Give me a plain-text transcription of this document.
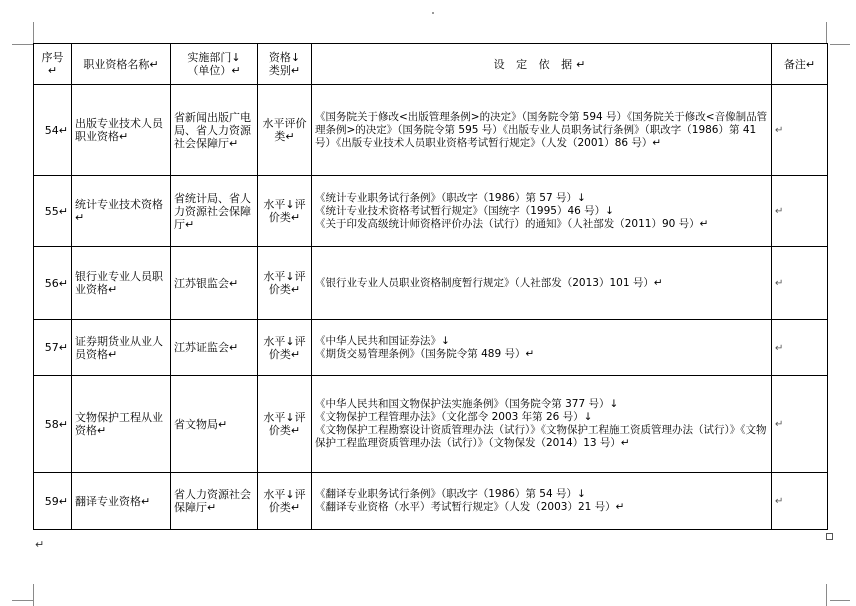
序号↵	职业资格名称↵	实施部门↓
（单位）↵	资格↓
类别↵	设 定 依 据↵	备注↵
54↵	出版专业技术人员职业资格↵	省新闻出版广电局、省人力资源社会保障厅↵	水平评价类↵	《国务院关于修改<出版管理条例>的决定》（国务院令第 594 号）《国务院关于修改<音像制品管理条例>的决定》（国务院令第 595 号）《出版专业人员职务试行条例》（职改字（1986）第 41 号）《出版专业技术人员职业资格考试暂行规定》（人发（2001）86 号）↵	↵
55↵	统计专业技术资格↵	省统计局、省人力资源社会保障厅↵	水平↓评价类↵	《统计专业职务试行条例》（职改字（1986）第 57 号）↓
《统计专业技术资格考试暂行规定》（国统字（1995）46 号）↓
《关于印发高级统计师资格评价办法（试行）的通知》（人社部发（2011）90 号）↵	↵
56↵	银行业专业人员职业资格↵	江苏银监会↵	水平↓评价类↵	《银行业专业人员职业资格制度暂行规定》（人社部发（2013）101 号）↵	↵
57↵	证券期货业从业人员资格↵	江苏证监会↵	水平↓评价类↵	《中华人民共和国证券法》↓
《期货交易管理条例》（国务院令第 489 号）↵	↵
58↵	文物保护工程从业资格↵	省文物局↵	水平↓评价类↵	《中华人民共和国文物保护法实施条例》（国务院令第 377 号）↓
《文物保护工程管理办法》（文化部令 2003 年第 26 号）↓
《文物保护工程勘察设计资质管理办法（试行）》《文物保护工程施工资质管理办法（试行）》《文物保护工程监理资质管理办法（试行）》（文物保发（2014）13 号）↵	↵
59↵	翻译专业资格↵	省人力资源社会保障厅↵	水平↓评价类↵	《翻译专业职务试行条例》（职改字（1986）第 54 号）↓
《翻译专业资格（水平）考试暂行规定》（人发（2003）21 号）↵	↵
↵
